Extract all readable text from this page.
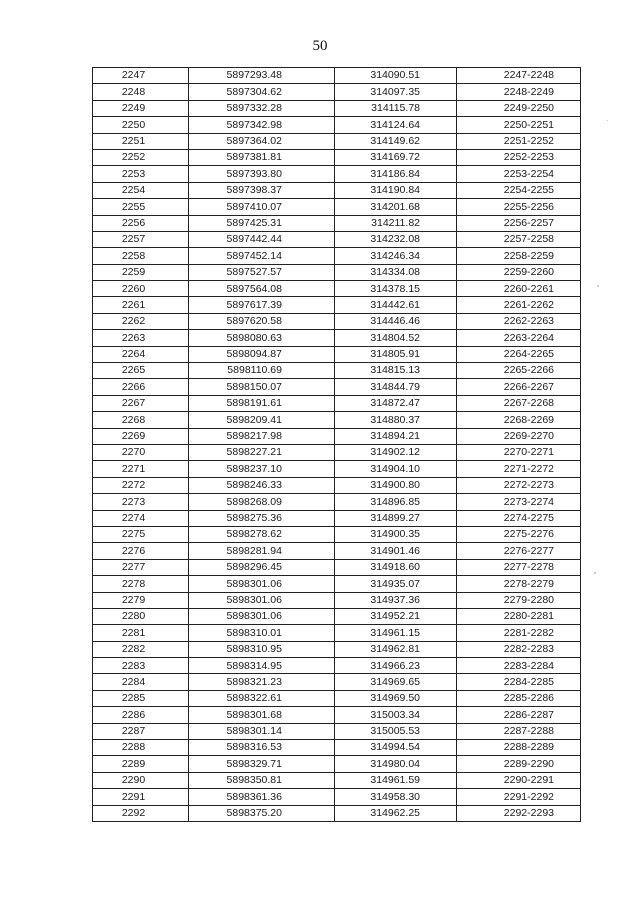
50
2247	5897293.48	314090.51	2247-2248
2248	5897304.62	314097.35	2248-2249
2249	5897332.28	314115.78	2249-2250
2250	5897342.98	314124.64	2250-2251
2251	5897364.02	314149.62	2251-2252
2252	5897381.81	314169.72	2252-2253
2253	5897393.80	314186.84	2253-2254
2254	5897398.37	314190.84	2254-2255
2255	5897410.07	314201.68	2255-2256
2256	5897425.31	314211.82	2256-2257
2257	5897442.44	314232.08	2257-2258
2258	5897452.14	314246.34	2258-2259
2259	5897527.57	314334.08	2259-2260
2260	5897564.08	314378.15	2260-2261
2261	5897617.39	314442.61	2261-2262
2262	5897620.58	314446.46	2262-2263
2263	5898080.63	314804.52	2263-2264
2264	5898094.87	314805.91	2264-2265
2265	5898110.69	314815.13	2265-2266
2266	5898150.07	314844.79	2266-2267
2267	5898191.61	314872.47	2267-2268
2268	5898209.41	314880.37	2268-2269
2269	5898217.98	314894.21	2269-2270
2270	5898227.21	314902.12	2270-2271
2271	5898237.10	314904.10	2271-2272
2272	5898246.33	314900.80	2272-2273
2273	5898268.09	314896.85	2273-2274
2274	5898275.36	314899.27	2274-2275
2275	5898278.62	314900.35	2275-2276
2276	5898281.94	314901.46	2276-2277
2277	5898296.45	314918.60	2277-2278
2278	5898301.06	314935.07	2278-2279
2279	5898301.06	314937.36	2279-2280
2280	5898301.06	314952.21	2280-2281
2281	5898310.01	314961.15	2281-2282
2282	5898310.95	314962.81	2282-2283
2283	5898314.95	314966.23	2283-2284
2284	5898321.23	314969.65	2284-2285
2285	5898322.61	314969.50	2285-2286
2286	5898301.68	315003.34	2286-2287
2287	5898301.14	315005.53	2287-2288
2288	5898316.53	314994.54	2288-2289
2289	5898329.71	314980.04	2289-2290
2290	5898350.81	314961.59	2290-2291
2291	5898361.36	314958.30	2291-2292
2292	5898375.20	314962.25	2292-2293
